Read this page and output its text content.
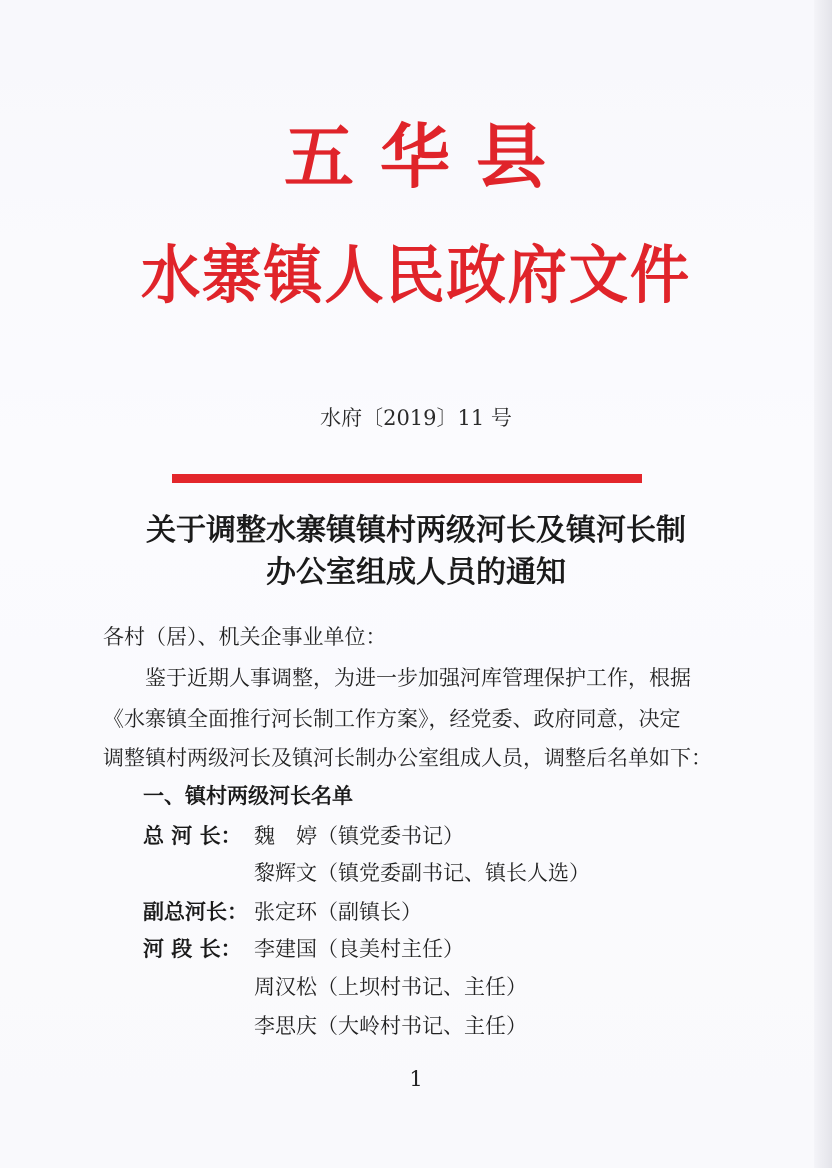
五华县
水寨镇人民政府文件
水府〔2019〕11 号
关于调整水寨镇镇村两级河长及镇河长制
办公室组成人员的通知
各村（居）、机关企事业单位：
鉴于近期人事调整，为进一步加强河库管理保护工作，根据
《水寨镇全面推行河长制工作方案》，经党委、政府同意，决定
调整镇村两级河长及镇河长制办公室组成人员，调整后名单如下：
一、镇村两级河长名单
总 河 长： 魏　婷（镇党委书记）
黎辉文（镇党委副书记、镇长人选）
副总河长： 张定环（副镇长）
河 段 长： 李建国（良美村主任）
周汉松（上坝村书记、主任）
李思庆（大岭村书记、主任）
1
